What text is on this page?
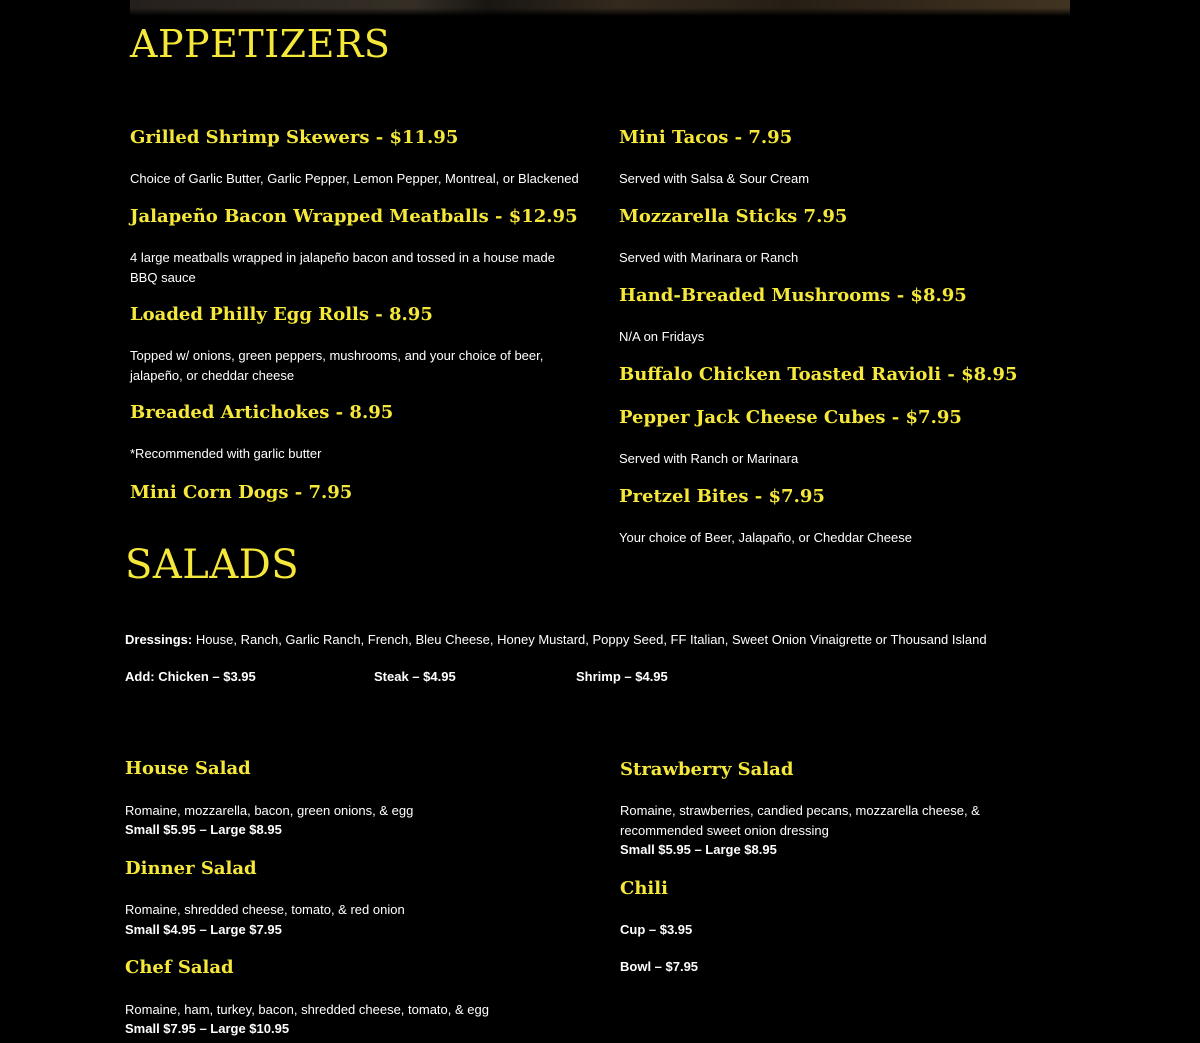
APPETIZERS
Grilled Shrimp Skewers - $11.95

Choice of Garlic Butter, Garlic Pepper, Lemon Pepper, Montreal, or Blackened

Jalapeño Bacon Wrapped Meatballs - $12.95

4 large meatballs wrapped in jalapeño bacon and tossed in a house made BBQ sauce

Loaded Philly Egg Rolls - 8.95

Topped w/ onions, green peppers, mushrooms, and your choice of beer, jalapeño, or cheddar cheese

Breaded Artichokes - 8.95

*Recommended with garlic butter

Mini Corn Dogs - 7.95
Mini Tacos - 7.95

Served with Salsa & Sour Cream

Mozzarella Sticks 7.95

Served with Marinara or Ranch

Hand-Breaded Mushrooms - $8.95

N/A on Fridays

Buffalo Chicken Toasted Ravioli - $8.95
Pepper Jack Cheese Cubes - $7.95

Served with Ranch or Marinara

Pretzel Bites - $7.95

Your choice of Beer, Jalapaño, or Cheddar Cheese

SALADS

Dressings: House, Ranch, Garlic Ranch, French, Bleu Cheese, Honey Mustard, Poppy Seed, FF Italian, Sweet Onion Vinaigrette or Thousand Island

Add: Chicken – $3.95	Steak – $4.95	Shrimp – $4.95

House Salad

Romaine, mozzarella, bacon, green onions, & egg

Small $5.95 – Large $8.95

Dinner Salad

Romaine, shredded cheese, tomato, & red onion

Small $4.95 – Large $7.95

Chef Salad

Romaine, ham, turkey, bacon, shredded cheese, tomato, & egg

Small $7.95 – Large $10.95

Strawberry Salad

Romaine, strawberries, candied pecans, mozzarella cheese, & recommended sweet onion dressing

Small $5.95 – Large $8.95

Chili

Cup – $3.95

Bowl – $7.95
